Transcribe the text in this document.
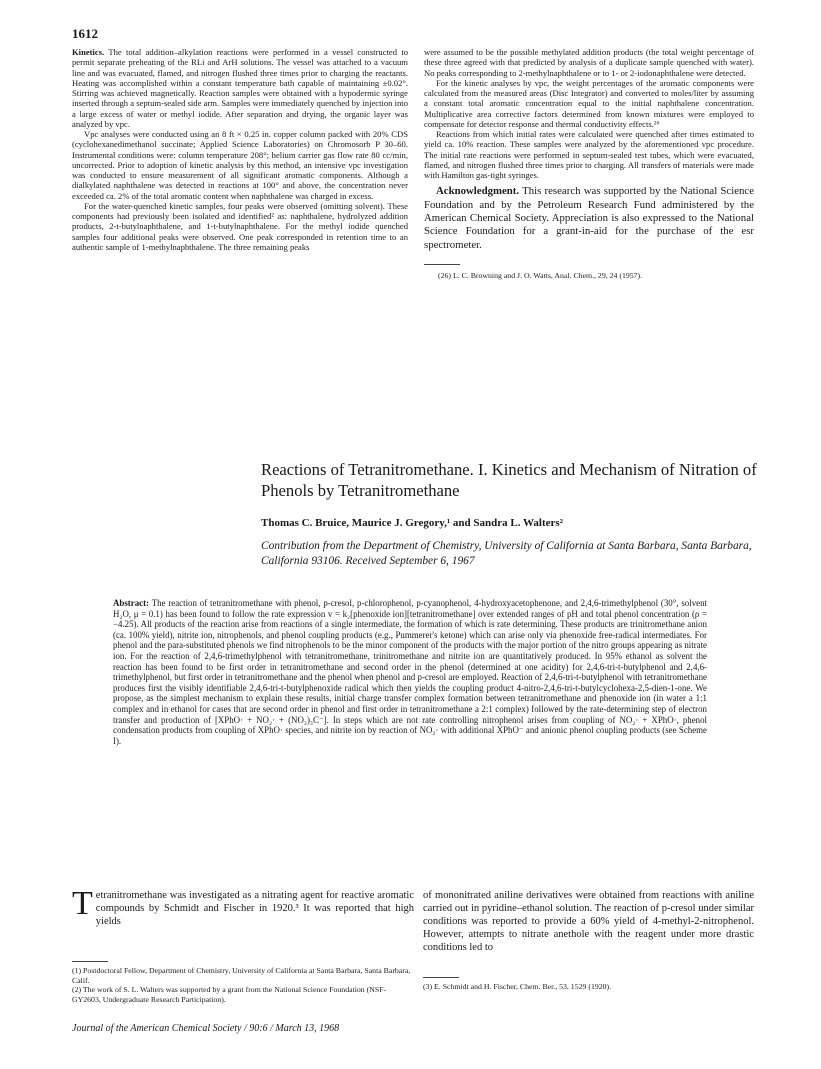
1612

Kinetics. The total addition–alkylation reactions were performed in a vessel constructed to permit separate preheating of the RLi and ArH solutions. The vessel was attached to a vacuum line and was evacuated, flamed, and nitrogen flushed three times prior to charging the reactants. Heating was accomplished within a constant temperature bath capable of maintaining ±0.02°. Stirring was achieved magnetically. Reaction samples were obtained with a hypodermic syringe inserted through a septum-sealed side arm. Samples were immediately quenched by injection into a large excess of water or methyl iodide. After separation and drying, the organic layer was analyzed by vpc.

Vpc analyses were conducted using an 8 ft × 0.25 in. copper column packed with 20% CDS (cyclohexanedimethanol succinate; Applied Science Laboratories) on Chromosorb P 30–60. Instrumental conditions were: column temperature 208°; helium carrier gas flow rate 80 cc/min, uncorrected. Prior to adoption of kinetic analysis by this method, an intensive vpc investigation was conducted to ensure measurement of all significant aromatic components. Although a dialkylated naphthalene was detected in reactions at 100° and above, the concentration never exceeded ca. 2% of the total aromatic content when naphthalene was charged in excess.

For the water-quenched kinetic samples, four peaks were observed (omitting solvent). These components had previously been isolated and identified² as: naphthalene, hydrolyzed addition products, 2-t-butylnaphthalene, and 1-t-butylnaphthalene. For the methyl iodide quenched samples four additional peaks were observed. One peak corresponded in retention time to an authentic sample of 1-methylnaphthalene. The three remaining peaks

were assumed to be the possible methylated addition products (the total weight percentage of these three agreed with that predicted by analysis of a duplicate sample quenched with water). No peaks corresponding to 2-methylnaphthalene or to 1- or 2-iodonaphthalene were detected.

For the kinetic analyses by vpc, the weight percentages of the aromatic components were calculated from the measured areas (Disc Integrator) and converted to moles/liter by assuming a constant total aromatic concentration equal to the initial naphthalene concentration. Multiplicative area corrective factors determined from known mixtures were employed to compensate for detector response and thermal conductivity effects.²⁶

Reactions from which initial rates were calculated were quenched after times estimated to yield ca. 10% reaction. These samples were analyzed by the aforementioned vpc procedure. The initial rate reactions were performed in septum-sealed test tubes, which were evacuated, flamed, and nitrogen flushed three times prior to charging. All transfers of materials were made with Hamilton gas-tight syringes.

Acknowledgment. This research was supported by the National Science Foundation and by the Petroleum Research Fund administered by the American Chemical Society. Appreciation is also expressed to the National Science Foundation for a grant-in-aid for the purchase of the esr spectrometer.
(26) L. C. Browning and J. O. Watts, Anal. Chem., 29, 24 (1957).
Reactions of Tetranitromethane. I. Kinetics and Mechanism of Nitration of Phenols by Tetranitromethane
Thomas C. Bruice, Maurice J. Gregory,¹ and Sandra L. Walters²
Contribution from the Department of Chemistry, University of California at Santa Barbara, Santa Barbara, California 93106. Received September 6, 1967
Abstract: The reaction of tetranitromethane with phenol, p-cresol, p-chlorophenol, p-cyanophenol, 4-hydroxyacetophenone, and 2,4,6-trimethylphenol (30°, solvent H₂O, μ = 0.1) has been found to follow the rate expression v = k₂[phenoxide ion][tetranitromethane] over extended ranges of pH and total phenol concentration (ρ = −4.25). All products of the reaction arise from reactions of a single intermediate, the formation of which is rate determining. These products are trinitromethane anion (ca. 100% yield), nitrite ion, nitrophenols, and phenol coupling products (e.g., Pummerer's ketone) which can arise only via phenoxide free-radical intermediates. For phenol and the para-substituted phenols we find nitrophenols to be the minor component of the products with the major portion of the nitro groups appearing as nitrate ion. For the reaction of 2,4,6-trimethylphenol with tetranitromethane, trinitromethane and nitrite ion are quantitatively produced. In 95% ethanol as solvent the reaction has been found to be first order in tetranitromethane and second order in the phenol (determined at one acidity) for 2,4,6-tri-t-butylphenol and 2,4,6-trimethylphenol, but first order in tetranitromethane and the phenol when phenol and p-cresol are employed. Reaction of 2,4,6-tri-t-butylphenol with tetranitromethane produces first the visibly identifiable 2,4,6-tri-t-butylphenoxide radical which then yields the coupling product 4-nitro-2,4,6-tri-t-butylcyclohexa-2,5-dien-1-one. We propose, as the simplest mechanism to explain these results, initial charge transfer complex formation between tetranitromethane and phenoxide ion (in water a 1:1 complex and in ethanol for cases that are second order in phenol and first order in tetranitromethane a 2:1 complex) followed by the rate-determining step of electron transfer and production of [XPhO· + NO₂· + (NO₂)₃C⁻]. In steps which are not rate controlling nitrophenol arises from coupling of NO₂· + XPhO·, phenol condensation products from coupling of XPhO· species, and nitrite ion by reaction of NO₂· with additional XPhO⁻ and anionic phenol coupling products (see Scheme I).
Tetranitromethane was investigated as a nitrating agent for reactive aromatic compounds by Schmidt and Fischer in 1920.³ It was reported that high yields
of mononitrated aniline derivatives were obtained from reactions with aniline carried out in pyridine–ethanol solution. The reaction of p-cresol under similar conditions was reported to provide a 60% yield of 4-methyl-2-nitrophenol. However, attempts to nitrate anethole with the reagent under more drastic conditions led to
(1) Postdoctoral Fellow, Department of Chemistry, University of California at Santa Barbara, Santa Barbara, Calif.
(2) The work of S. L. Walters was supported by a grant from the National Science Foundation (NSF-GY2603, Undergraduate Research Participation).
(3) E. Schmidt and H. Fischer, Chem. Ber., 53, 1529 (1920).
Journal of the American Chemical Society / 90:6 / March 13, 1968
